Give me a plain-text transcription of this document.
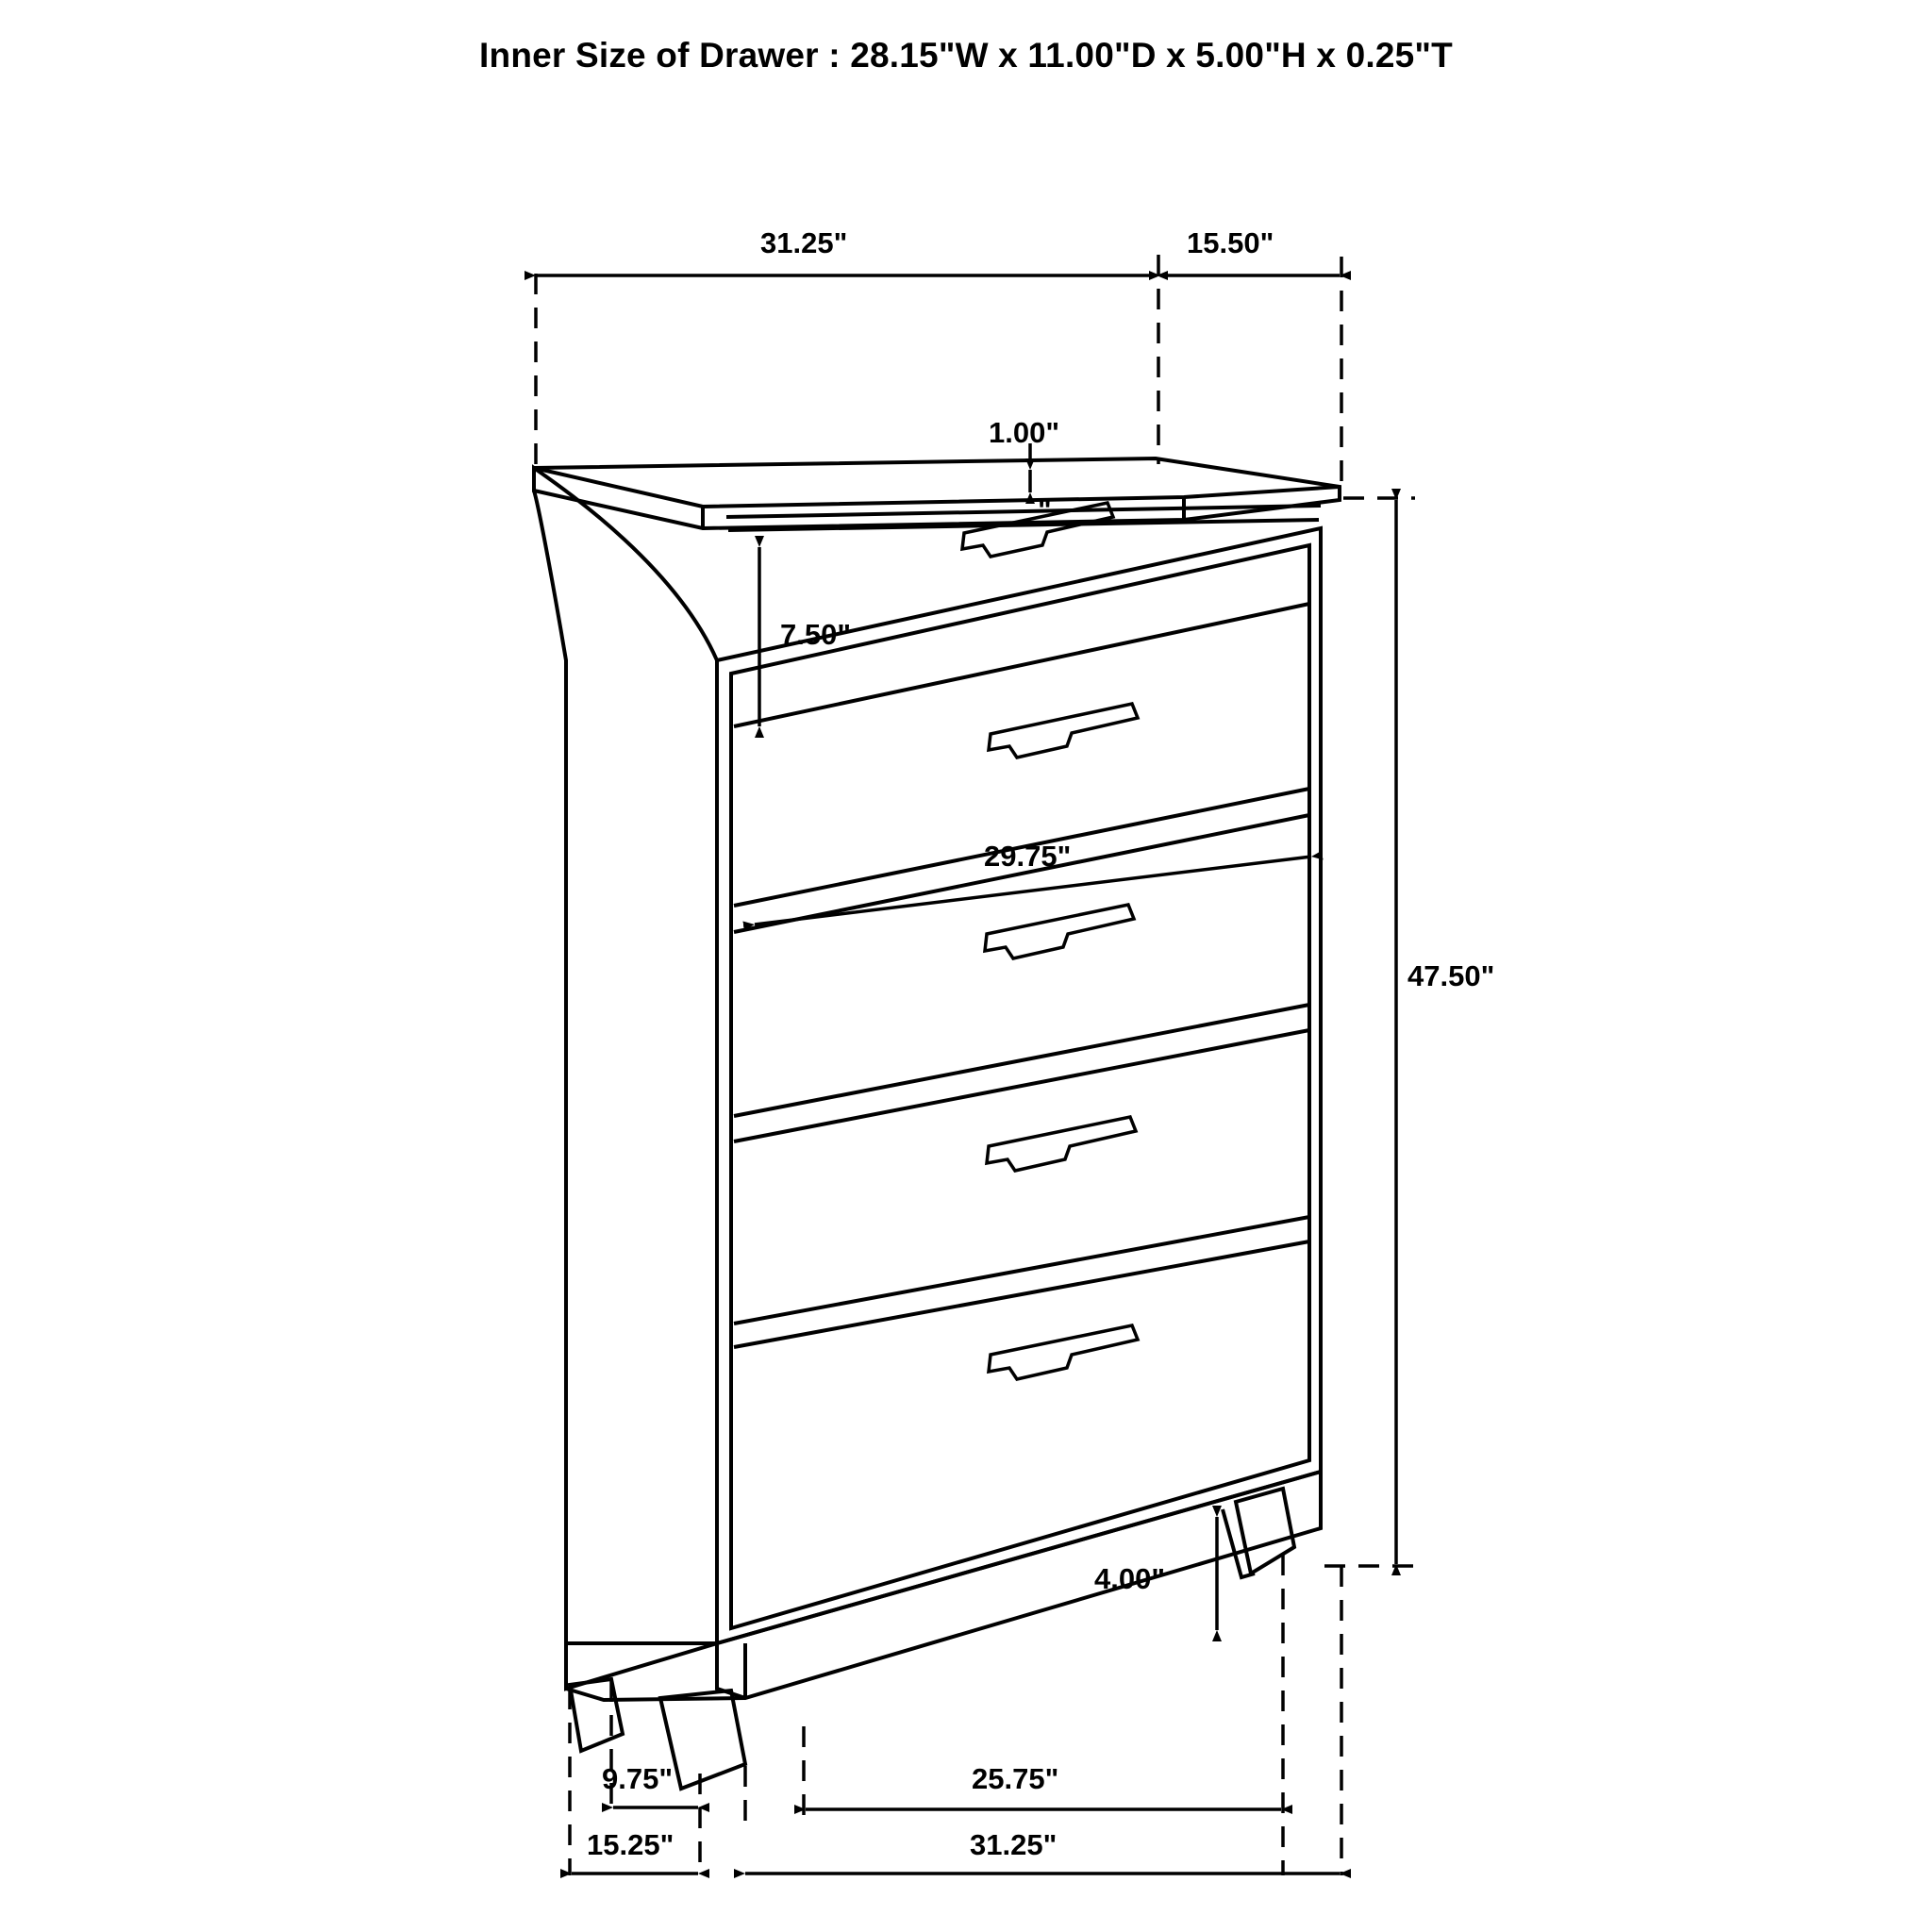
Inner Size of Drawer : 28.15"W x 11.00"D x 5.00"H x 0.25"T
31.25"	15.50"
1.00"
"
7.50"
29.75"
47.50"
4.00"
9.75"
15.25"
25.75"
31.25"
